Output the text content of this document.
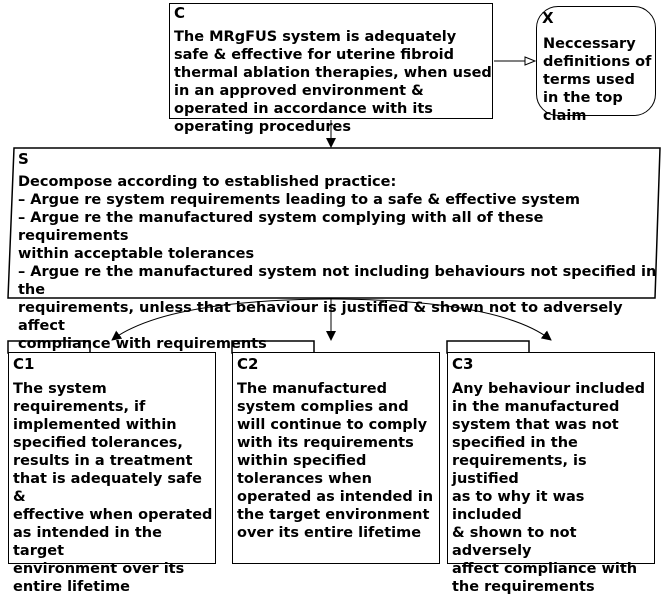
C
The MRgFUS system is adequately safe & effective for uterine fibroid thermal ablation therapies, when used in an approved environment & operated in accordance with its operating procedures
X
Neccessary definitions of terms used in the top claim
S
Decompose according to established practice:
– Argue re system requirements leading to a safe & effective system
– Argue re the manufactured system complying with all of these requirements
within acceptable tolerances
– Argue re the manufactured system not including behaviours not specified in the
requirements, unless that behaviour is justified & shown not to adversely affect
compliance with requirements
C1
The system
requirements, if
implemented within
specified tolerances,
results in a treatment
that is adequately safe &
effective when operated
as intended in the target
environment over its
entire lifetime
C2
The manufactured
system complies and
will continue to comply
with its requirements
within specified
tolerances when
operated as intended in
the target environment
over its entire lifetime
C3
Any behaviour included
in the manufactured
system that was not
specified in the
requirements, is justified
as to why it was included
& shown to not adversely
affect compliance with
the requirements
